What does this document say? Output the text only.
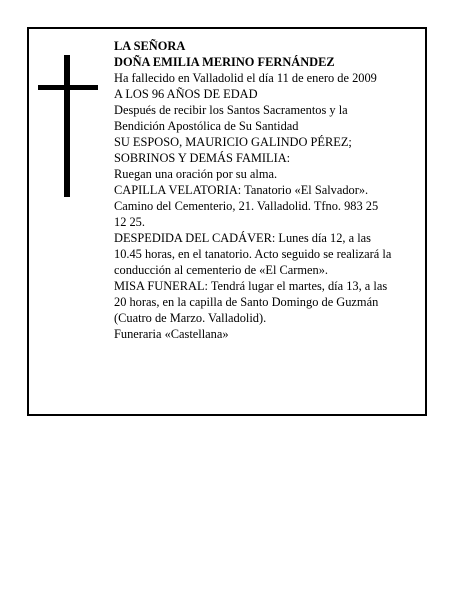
LA SEÑORA
DOÑA EMILIA MERINO FERNÁNDEZ
Ha fallecido en Valladolid el día 11 de enero de 2009
A LOS 96 AÑOS DE EDAD
Después de recibir los Santos Sacramentos y la
Bendición Apostólica de Su Santidad
SU ESPOSO, MAURICIO GALINDO PÉREZ;
SOBRINOS Y DEMÁS FAMILIA:
Ruegan una oración por su alma.
CAPILLA VELATORIA: Tanatorio «El Salvador».
Camino del Cementerio, 21. Valladolid. Tfno. 983 25
12 25.
DESPEDIDA DEL CADÁVER: Lunes día 12, a las
10.45 horas, en el tanatorio. Acto seguido se realizará la
conducción al cementerio de «El Carmen».
MISA FUNERAL: Tendrá lugar el martes, día 13, a las
20 horas, en la capilla de Santo Domingo de Guzmán
(Cuatro de Marzo. Valladolid).
Funeraria «Castellana»
